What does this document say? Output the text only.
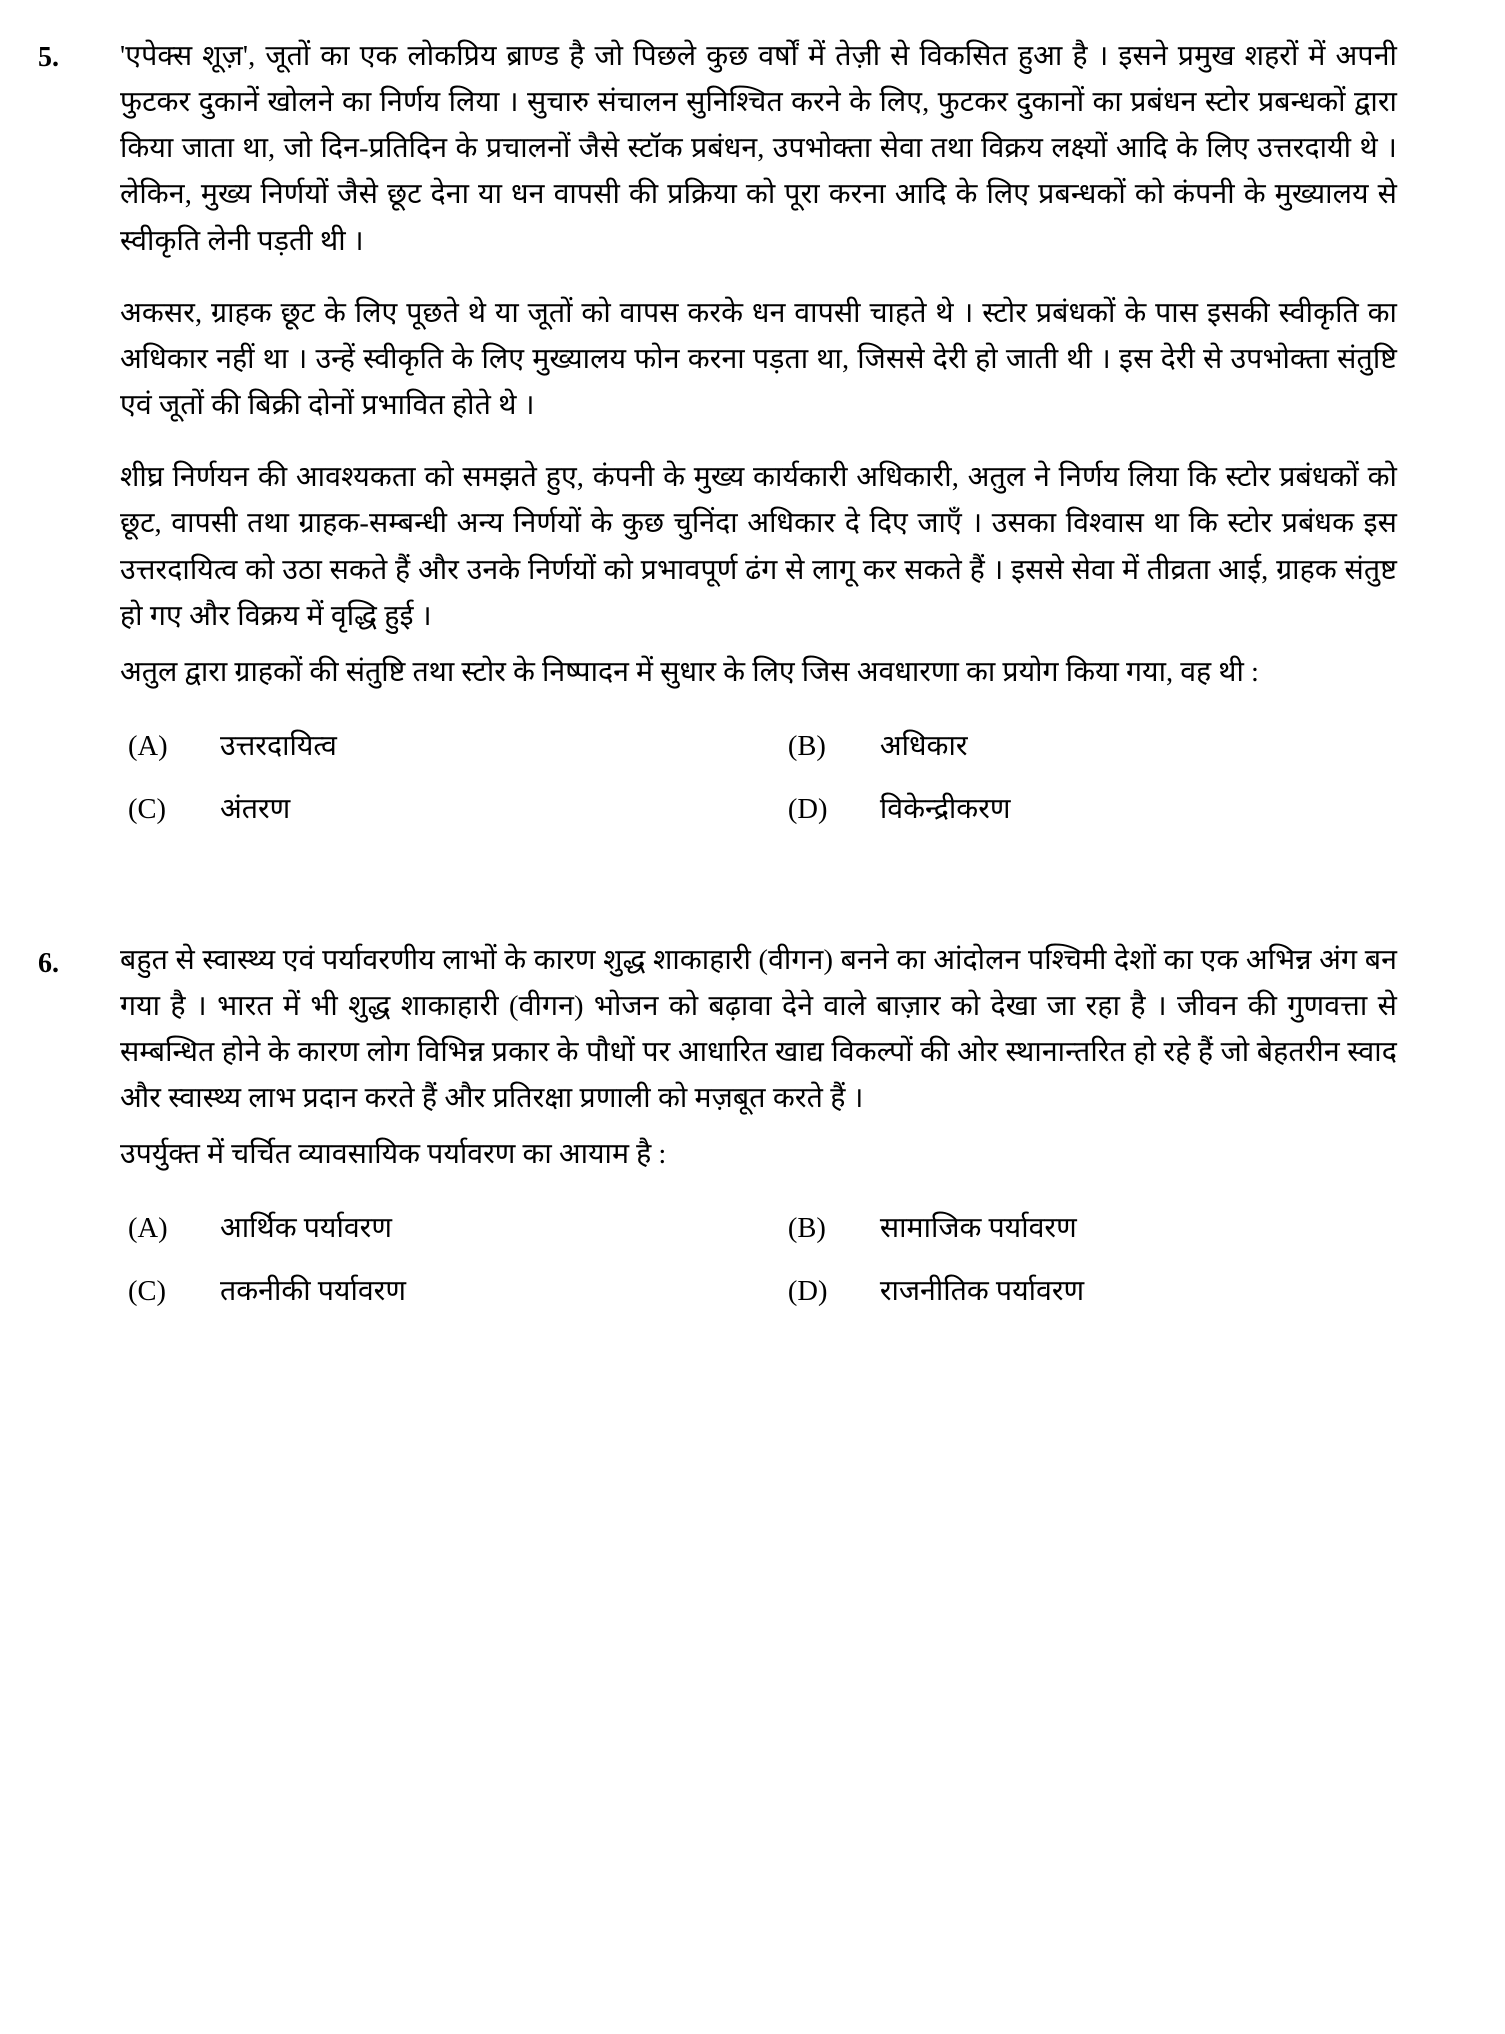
5.	'एपेक्स शूज़', जूतों का एक लोकप्रिय ब्राण्ड है जो पिछले कुछ वर्षों में तेज़ी से विकसित हुआ है । इसने प्रमुख शहरों में अपनी फुटकर दुकानें खोलने का निर्णय लिया । सुचारु संचालन सुनिश्चित करने के लिए, फुटकर दुकानों का प्रबंधन स्टोर प्रबन्धकों द्वारा किया जाता था, जो दिन-प्रतिदिन के प्रचालनों जैसे स्टॉक प्रबंधन, उपभोक्ता सेवा तथा विक्रय लक्ष्यों आदि के लिए उत्तरदायी थे । लेकिन, मुख्य निर्णयों जैसे छूट देना या धन वापसी की प्रक्रिया को पूरा करना आदि के लिए प्रबन्धकों को कंपनी के मुख्यालय से स्वीकृति लेनी पड़ती थी ।

अकसर, ग्राहक छूट के लिए पूछते थे या जूतों को वापस करके धन वापसी चाहते थे । स्टोर प्रबंधकों के पास इसकी स्वीकृति का अधिकार नहीं था । उन्हें स्वीकृति के लिए मुख्यालय फोन करना पड़ता था, जिससे देरी हो जाती थी । इस देरी से उपभोक्ता संतुष्टि एवं जूतों की बिक्री दोनों प्रभावित होते थे ।

शीघ्र निर्णयन की आवश्यकता को समझते हुए, कंपनी के मुख्य कार्यकारी अधिकारी, अतुल ने निर्णय लिया कि स्टोर प्रबंधकों को छूट, वापसी तथा ग्राहक-सम्बन्धी अन्य निर्णयों के कुछ चुनिंदा अधिकार दे दिए जाएँ । उसका विश्वास था कि स्टोर प्रबंधक इस उत्तरदायित्व को उठा सकते हैं और उनके निर्णयों को प्रभावपूर्ण ढंग से लागू कर सकते हैं । इससे सेवा में तीव्रता आई, ग्राहक संतुष्ट हो गए और विक्रय में वृद्धि हुई ।

अतुल द्वारा ग्राहकों की संतुष्टि तथा स्टोर के निष्पादन में सुधार के लिए जिस अवधारणा का प्रयोग किया गया, वह थी :

(A)	उत्तरदायित्व	(B)	अधिकार
(C)	अंतरण	(D)	विकेन्द्रीकरण
6.	बहुत से स्वास्थ्य एवं पर्यावरणीय लाभों के कारण शुद्ध शाकाहारी (वीगन) बनने का आंदोलन पश्चिमी देशों का एक अभिन्न अंग बन गया है । भारत में भी शुद्ध शाकाहारी (वीगन) भोजन को बढ़ावा देने वाले बाज़ार को देखा जा रहा है । जीवन की गुणवत्ता से सम्बन्धित होने के कारण लोग विभिन्न प्रकार के पौधों पर आधारित खाद्य विकल्पों की ओर स्थानान्तरित हो रहे हैं जो बेहतरीन स्वाद और स्वास्थ्य लाभ प्रदान करते हैं और प्रतिरक्षा प्रणाली को मज़बूत करते हैं ।

उपर्युक्त में चर्चित व्यावसायिक पर्यावरण का आयाम है :

(A)	आर्थिक पर्यावरण	(B)	सामाजिक पर्यावरण
(C)	तकनीकी पर्यावरण	(D)	राजनीतिक पर्यावरण
